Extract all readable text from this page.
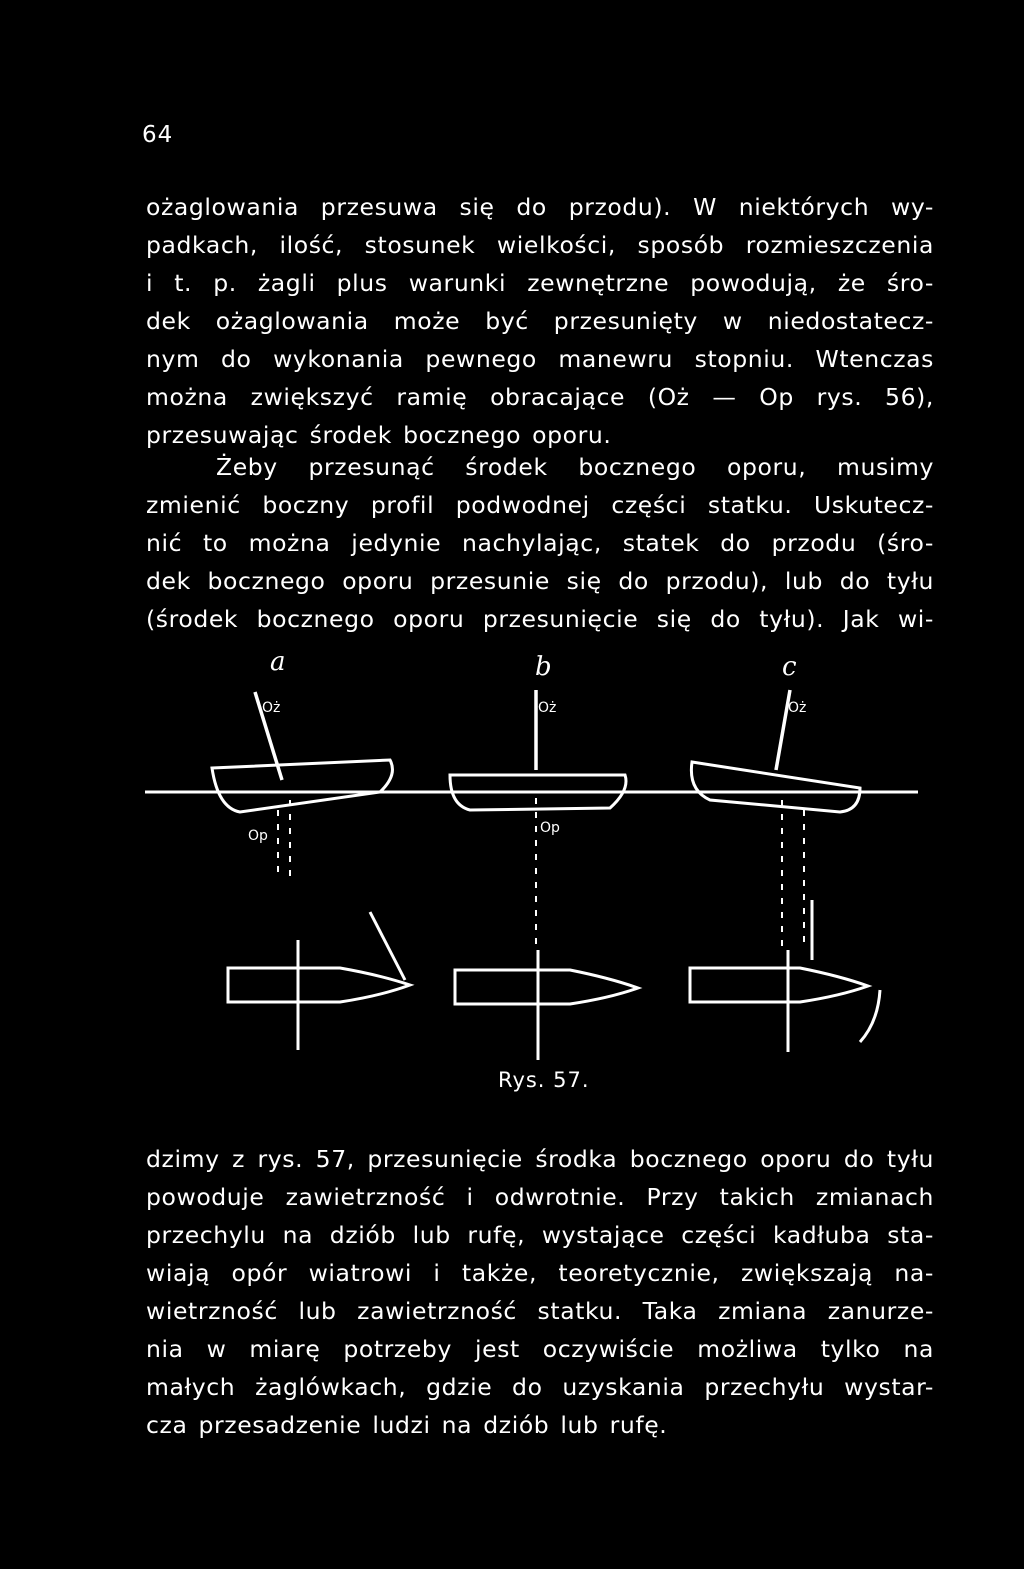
64
ożaglowania przesuwa się do przodu). W niektórych wy-
padkach, ilość, stosunek wielkości, sposób rozmieszczenia
i t. p. żagli plus warunki zewnętrzne powodują, że śro-
dek ożaglowania może być przesunięty w niedostatecz-
nym do wykonania pewnego manewru stopniu. Wtenczas
można zwiększyć ramię obracające (Oż — Op rys. 56),
przesuwając środek bocznego oporu.
Żeby przesunąć środek bocznego oporu, musimy
zmienić boczny profil podwodnej części statku. Uskutecz-
nić to można jedynie nachylając, statek do przodu (śro-
dek bocznego oporu przesunie się do przodu), lub do tyłu
(środek bocznego oporu przesunięcie się do tyłu). Jak wi-
a	b	c
Oż	Oż	Oż
Op	Op
Rys. 57.
dzimy z rys. 57, przesunięcie środka bocznego oporu do tyłu
powoduje zawietrzność i odwrotnie. Przy takich zmianach
przechylu na dziób lub rufę, wystające części kadłuba sta-
wiają opór wiatrowi i także, teoretycznie, zwiększają na-
wietrzność lub zawietrzność statku. Taka zmiana zanurze-
nia w miarę potrzeby jest oczywiście możliwa tylko na
małych żaglówkach, gdzie do uzyskania przechyłu wystar-
cza przesadzenie ludzi na dziób lub rufę.
